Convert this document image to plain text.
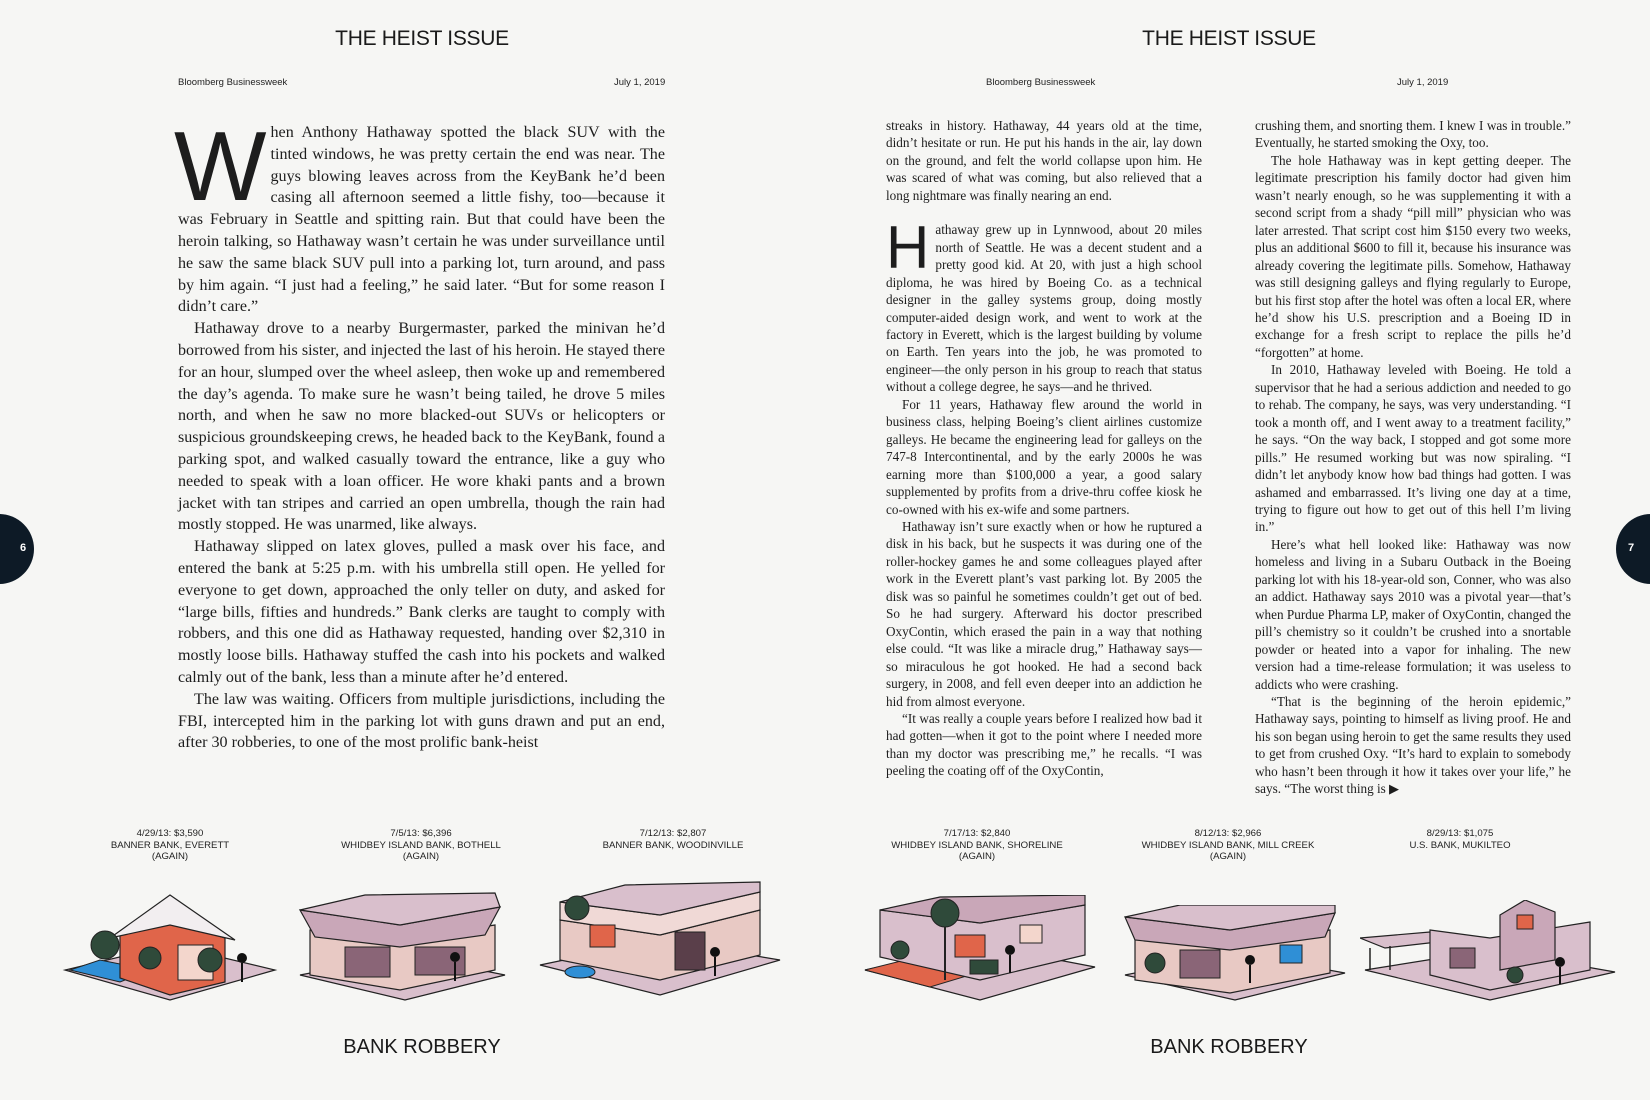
THE HEIST ISSUE
Bloomberg Businessweek	July 1, 2019
W hen Anthony Hathaway spotted the black SUV with the tinted windows, he was pretty certain the end was near. The guys blowing leaves across from the KeyBank he’d been casing all afternoon seemed a little fishy, too—because it was February in Seattle and spitting rain. But that could have been the heroin talking, so Hathaway wasn’t certain he was under surveillance until he saw the same black SUV pull into a parking lot, turn around, and pass by him again. “I just had a feeling,” he said later. “But for some reason I didn’t care.”

Hathaway drove to a nearby Burgermaster, parked the minivan he’d borrowed from his sister, and injected the last of his heroin. He stayed there for an hour, slumped over the wheel asleep, then woke up and remembered the day’s agenda. To make sure he wasn’t being tailed, he drove 5 miles north, and when he saw no more blacked-out SUVs or helicopters or suspicious groundskeeping crews, he headed back to the KeyBank, found a parking spot, and walked casually toward the entrance, like a guy who needed to speak with a loan officer. He wore khaki pants and a brown jacket with tan stripes and carried an open umbrella, though the rain had mostly stopped. He was unarmed, like always.

Hathaway slipped on latex gloves, pulled a mask over his face, and entered the bank at 5:25 p.m. with his umbrella still open. He yelled for everyone to get down, approached the only teller on duty, and asked for “large bills, fifties and hundreds.” Bank clerks are taught to comply with robbers, and this one did as Hathaway requested, handing over $2,310 in mostly loose bills. Hathaway stuffed the cash into his pockets and walked calmly out of the bank, less than a minute after he’d entered.

The law was waiting. Officers from multiple jurisdictions, including the FBI, intercepted him in the parking lot with guns drawn and put an end, after 30 robberies, to one of the most prolific bank-heist

6
4/29/13: $3,590
BANNER BANK, EVERETT
(AGAIN)
7/5/13: $6,396
WHIDBEY ISLAND BANK, BOTHELL
(AGAIN)
7/12/13: $2,807
BANNER BANK, WOODINVILLE
BANK ROBBERY
THE HEIST ISSUE
Bloomberg Businessweek	July 1, 2019

streaks in history. Hathaway, 44 years old at the time, didn’t hesitate or run. He put his hands in the air, lay down on the ground, and felt the world collapse upon him. He was scared of what was coming, but also relieved that a long nightmare was finally nearing an end.

Hathaway grew up in Lynnwood, about 20 miles north of Seattle. He was a decent student and a pretty good kid. At 20, with just a high school diploma, he was hired by Boeing Co. as a technical designer in the galley systems group, doing mostly computer-aided design work, and went to work at the factory in Everett, which is the largest building by volume on Earth. Ten years into the job, he was promoted to engineer—the only person in his group to reach that status without a college degree, he says—and he thrived.

For 11 years, Hathaway flew around the world in business class, helping Boeing’s client airlines customize galleys. He became the engineering lead for galleys on the 747-8 Intercontinental, and by the early 2000s he was earning more than $100,000 a year, a good salary supplemented by profits from a drive-thru coffee kiosk he co-owned with his ex-wife and some partners.

Hathaway isn’t sure exactly when or how he ruptured a disk in his back, but he suspects it was during one of the roller-hockey games he and some colleagues played after work in the Everett plant’s vast parking lot. By 2005 the disk was so painful he sometimes couldn’t get out of bed. So he had surgery. Afterward his doctor prescribed OxyContin, which erased the pain in a way that nothing else could. “It was like a miracle drug,” Hathaway says—so miraculous he got hooked. He had a second back surgery, in 2008, and fell even deeper into an addiction he hid from almost everyone.

“It was really a couple years before I realized how bad it had gotten—when it got to the point where I needed more than my doctor was prescribing me,” he recalls. “I was peeling the coating off of the OxyContin,

crushing them, and snorting them. I knew I was in trouble.” Eventually, he started smoking the Oxy, too.

The hole Hathaway was in kept getting deeper. The legitimate prescription his family doctor had given him wasn’t nearly enough, so he was supplementing it with a second script from a shady “pill mill” physician who was later arrested. That script cost him $150 every two weeks, plus an additional $600 to fill it, because his insurance was already covering the legitimate pills. Somehow, Hathaway was still designing galleys and flying regularly to Europe, but his first stop after the hotel was often a local ER, where he’d show his U.S. prescription and a Boeing ID in exchange for a fresh script to replace the pills he’d “forgotten” at home.

In 2010, Hathaway leveled with Boeing. He told a supervisor that he had a serious addiction and needed to go to rehab. The company, he says, was very understanding. “I took a month off, and I went away to a treatment facility,” he says. “On the way back, I stopped and got some more pills.” He resumed working but was now spiraling. “I didn’t let anybody know how bad things had gotten. I was ashamed and embarrassed. It’s living one day at a time, trying to figure out how to get out of this hell I’m living in.”

Here’s what hell looked like: Hathaway was now homeless and living in a Subaru Outback in the Boeing parking lot with his 18-year-old son, Conner, who was also an addict. Hathaway says 2010 was a pivotal year—that’s when Purdue Pharma LP, maker of OxyContin, changed the pill’s chemistry so it couldn’t be crushed into a snortable powder or heated into a vapor for inhaling. The new version had a time-release formulation; it was useless to addicts who were crashing.

“That is the beginning of the heroin epidemic,” Hathaway says, pointing to himself as living proof. He and his son began using heroin to get the same results they used to get from crushed Oxy. “It’s hard to explain to somebody who hasn’t been through it how it takes over your life,” he says. “The worst thing is ▶

7
7/17/13: $2,840
WHIDBEY ISLAND BANK, SHORELINE
(AGAIN)
8/12/13: $2,966
WHIDBEY ISLAND BANK, MILL CREEK
(AGAIN)
8/29/13: $1,075
U.S. BANK, MUKILTEO
BANK ROBBERY
